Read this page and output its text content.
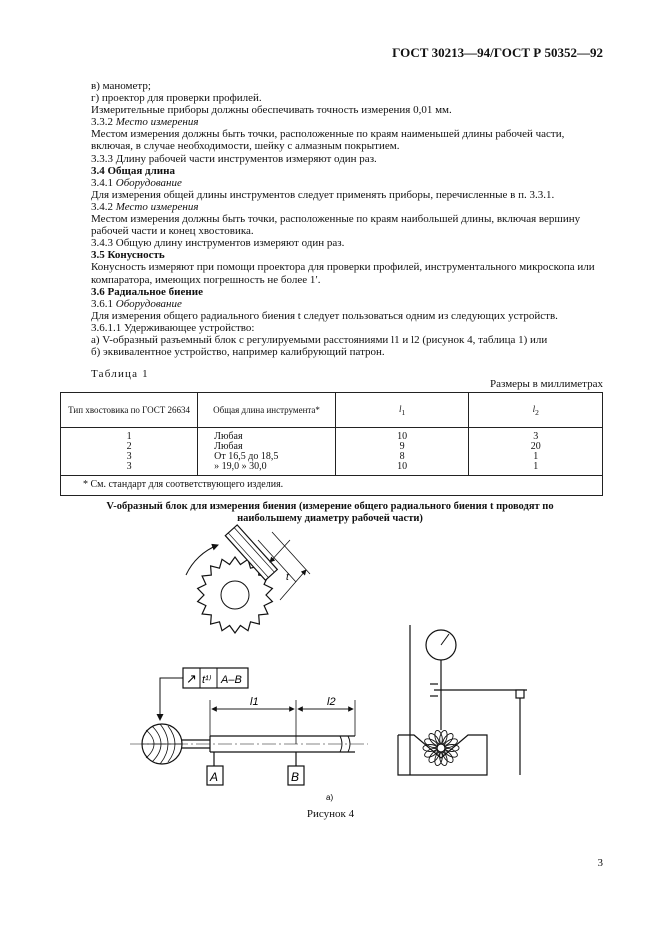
ГОСТ 30213—94/ГОСТ Р 50352—92

в) манометр;

г) проектор для проверки профилей.

Измерительные приборы должны обеспечивать точность измерения 0,01 мм.

3.3.2 Место измерения

Местом измерения должны быть точки, расположенные по краям наименьшей длины рабочей части, включая, в случае необходимости, шейку с алмазным покрытием.

3.3.3 Длину рабочей части инструментов измеряют один раз.

3.4 Общая длина

3.4.1 Оборудование

Для измерения общей длины инструментов следует применять приборы, перечисленные в п. 3.3.1.

3.4.2 Место измерения

Местом измерения должны быть точки, расположенные по краям наибольшей длины, включая вершину рабочей части и конец хвостовика.

3.4.3 Общую длину инструментов измеряют один раз.

3.5 Конусность

Конусность измеряют при помощи проектора для проверки профилей, инструментального микроскопа или компаратора, имеющих погрешность не более 1′.

3.6 Радиальное биение

3.6.1 Оборудование

Для измерения общего радиального биения t следует пользоваться одним из следующих устройств.

3.6.1.1 Удерживающее устройство:

а) V-образный разъемный блок с регулируемыми расстояниями l1 и l2 (рисунок 4, таблица 1) или

б) эквивалентное устройство, например калибрующий патрон.

Таблица 1
Размеры в миллиметрах
Тип хвостовика по ГОСТ 26634	Общая длина инструмента*	$l_1$	$l_2$
1	Любая	10	3
2	Любая	9	20
3	От 16,5 до 18,5	8	1
3	» 19,0 » 30,0	10	1
* См. стандарт для соответствующего изделия.			
V-образный блок для измерения биения (измерение общего радиального биения t проводят по наибольшему диаметру рабочей части)
t
↗ t¹⁾ A–B
l1	l2
A	B
а)
Рисунок 4
3
